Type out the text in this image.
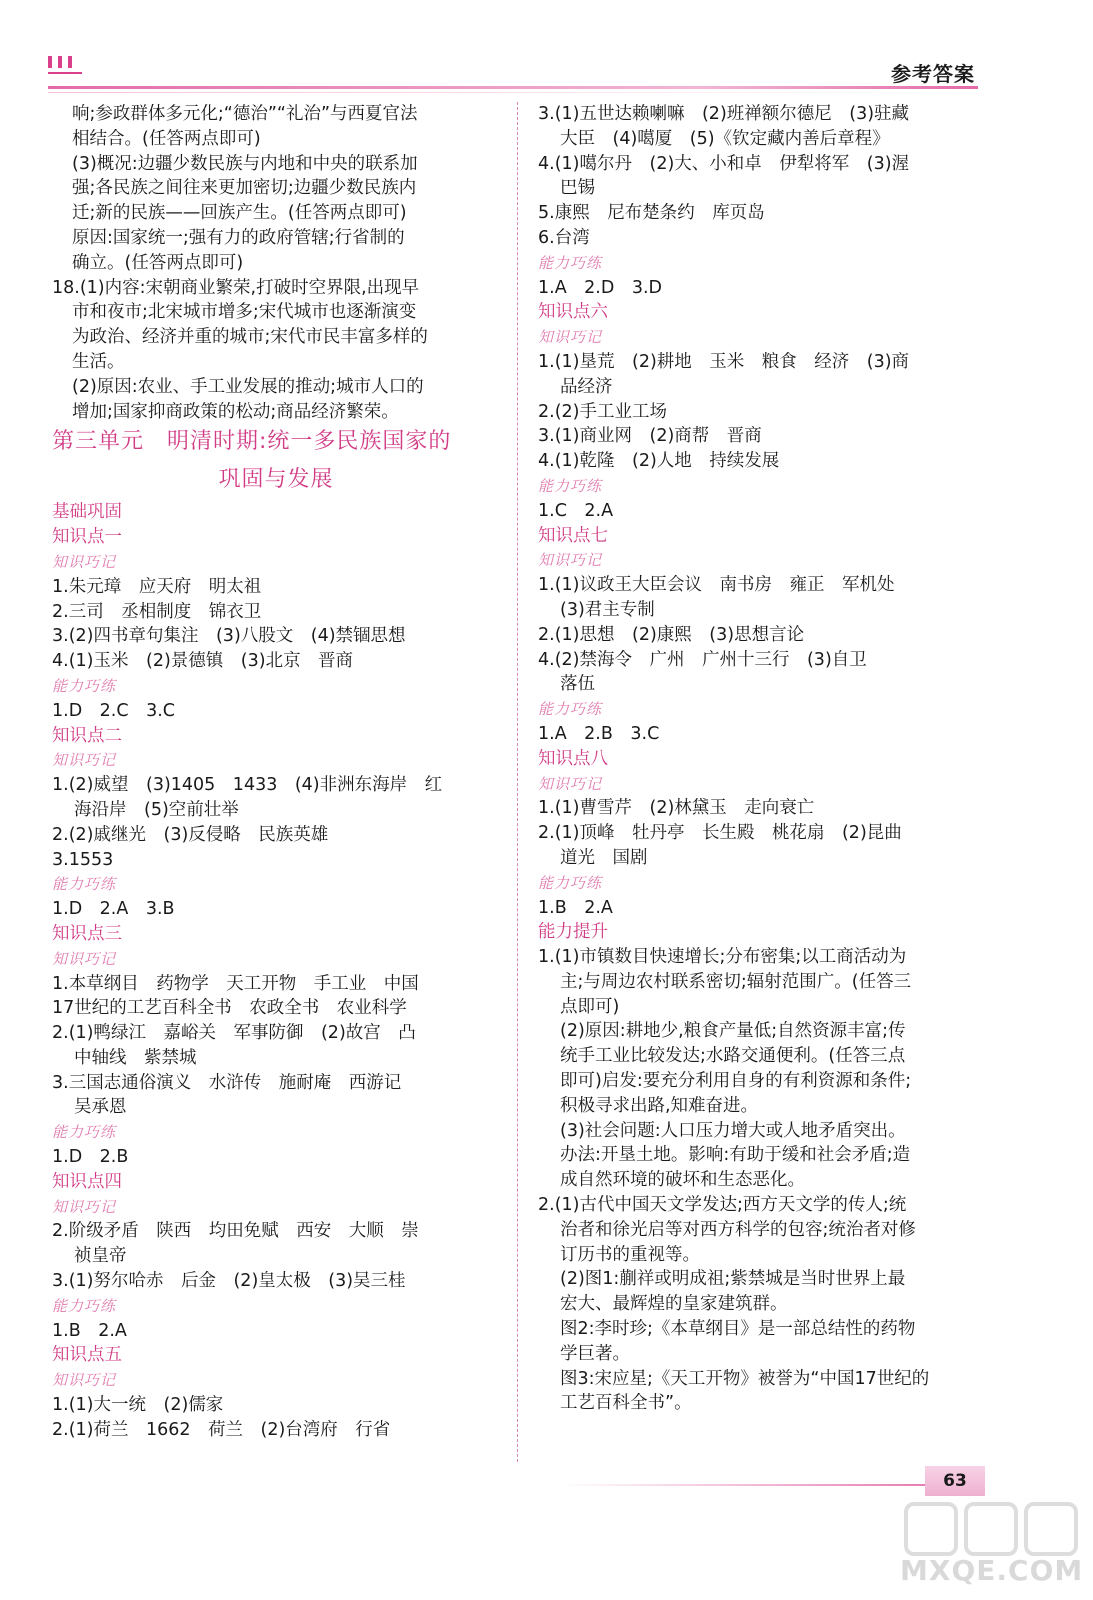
参考答案
响;参政群体多元化;“德治”“礼治”与西夏官法
相结合。(任答两点即可)
(3)概况:边疆少数民族与内地和中央的联系加
强;各民族之间往来更加密切;边疆少数民族内
迁;新的民族——回族产生。(任答两点即可)
原因:国家统一;强有力的政府管辖;行省制的
确立。(任答两点即可)
18.(1)内容:宋朝商业繁荣,打破时空界限,出现早
市和夜市;北宋城市增多;宋代城市也逐渐演变
为政治、经济并重的城市;宋代市民丰富多样的
生活。
(2)原因:农业、手工业发展的推动;城市人口的
增加;国家抑商政策的松动;商品经济繁荣。
第三单元　明清时期:统一多民族国家的
巩固与发展
基础巩固
知识点一
知识巧记
1.朱元璋　应天府　明太祖
2.三司　丞相制度　锦衣卫
3.(2)四书章句集注　(3)八股文　(4)禁锢思想
4.(1)玉米　(2)景德镇　(3)北京　晋商
能力巧练
1.D　2.C　3.C
知识点二
知识巧记
1.(2)威望　(3)1405　1433　(4)非洲东海岸　红
海沿岸　(5)空前壮举
2.(2)戚继光　(3)反侵略　民族英雄
3.1553
能力巧练
1.D　2.A　3.B
知识点三
知识巧记
1.本草纲目　药物学　天工开物　手工业　中国
17世纪的工艺百科全书　农政全书　农业科学
2.(1)鸭绿江　嘉峪关　军事防御　(2)故宫　凸
中轴线　紫禁城
3.三国志通俗演义　水浒传　施耐庵　西游记
吴承恩
能力巧练
1.D　2.B
知识点四
知识巧记
2.阶级矛盾　陕西　均田免赋　西安　大顺　崇
祯皇帝
3.(1)努尔哈赤　后金　(2)皇太极　(3)吴三桂
能力巧练
1.B　2.A
知识点五
知识巧记
1.(1)大一统　(2)儒家
2.(1)荷兰　1662　荷兰　(2)台湾府　行省
3.(1)五世达赖喇嘛　(2)班禅额尔德尼　(3)驻藏
大臣　(4)噶厦　(5)《钦定藏内善后章程》
4.(1)噶尔丹　(2)大、小和卓　伊犁将军　(3)渥
巴锡
5.康熙　尼布楚条约　库页岛
6.台湾
能力巧练
1.A　2.D　3.D
知识点六
知识巧记
1.(1)垦荒　(2)耕地　玉米　粮食　经济　(3)商
品经济
2.(2)手工业工场
3.(1)商业网　(2)商帮　晋商
4.(1)乾隆　(2)人地　持续发展
能力巧练
1.C　2.A
知识点七
知识巧记
1.(1)议政王大臣会议　南书房　雍正　军机处
(3)君主专制
2.(1)思想　(2)康熙　(3)思想言论
4.(2)禁海令　广州　广州十三行　(3)自卫
落伍
能力巧练
1.A　2.B　3.C
知识点八
知识巧记
1.(1)曹雪芹　(2)林黛玉　走向衰亡
2.(1)顶峰　牡丹亭　长生殿　桃花扇　(2)昆曲
道光　国剧
能力巧练
1.B　2.A
能力提升
1.(1)市镇数目快速增长;分布密集;以工商活动为
主;与周边农村联系密切;辐射范围广。(任答三
点即可)
(2)原因:耕地少,粮食产量低;自然资源丰富;传
统手工业比较发达;水路交通便利。(任答三点
即可)启发:要充分利用自身的有利资源和条件;
积极寻求出路,知难奋进。
(3)社会问题:人口压力增大或人地矛盾突出。
办法:开垦土地。影响:有助于缓和社会矛盾;造
成自然环境的破坏和生态恶化。
2.(1)古代中国天文学发达;西方天文学的传人;统
治者和徐光启等对西方科学的包容;统治者对修
订历书的重视等。
(2)图1:蒯祥或明成祖;紫禁城是当时世界上最
宏大、最辉煌的皇家建筑群。
图2:李时珍;《本草纲目》是一部总结性的药物
学巨著。
图3:宋应星;《天工开物》被誉为“中国17世纪的
工艺百科全书”。
63
MXQE.COM
